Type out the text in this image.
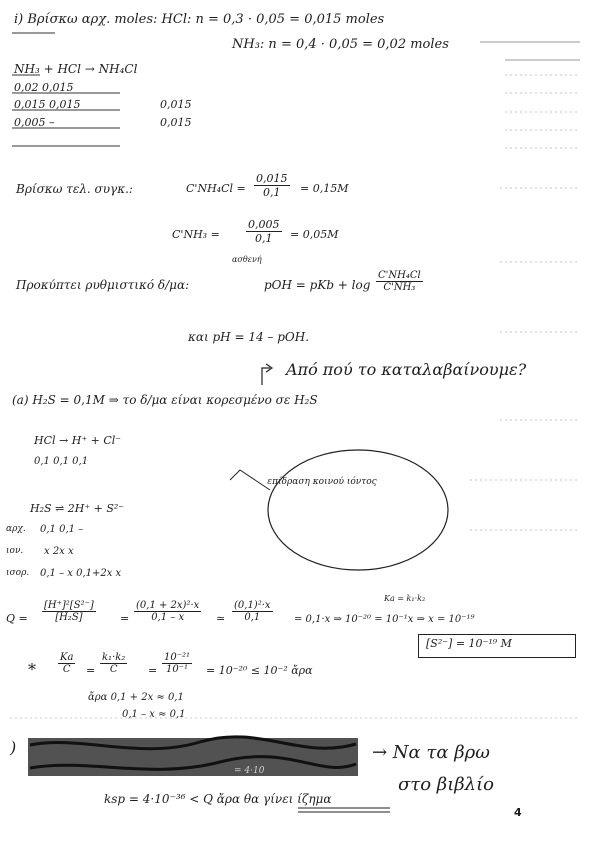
i) Βρίσκω αρχ. moles: HCl: n = 0,3 · 0,05 = 0,015 moles
NH₃: n = 0,4 · 0,05 = 0,02 moles
NH₃ + HCl → NH₄Cl
0,02 0,015
0,015 0,015	0,015
0,005 –	0,015
Βρίσκω τελ. συγκ.:	$C'NH_4Cl = \frac{0,015}{0,1} = 0,15M$
$C'NH_3 = \frac{0,005}{0,1} = 0,05M$
ασθενή
Προκύπτει ρυθμιστικό δ/μα:	pOH = pKb + $\log \frac{\text{C'NH₄Cl}}{\text{C'NH₃}}$
και pH = 14 – pOH.
Από πού το καταλαβαίνουμε?
(a) H₂S = 0,1M ⇒ το δ/μα είναι κορεσμένο σε H₂S
HCl → H⁺ + Cl⁻
0,1 0,1 0,1
επίδραση κοινού ιόντος
H₂S ⇌ 2H⁺ + S²⁻
αρχ. 0,1 0,1 –
ιον. x 2x x
ισορ. 0,1 – x 0,1+2x x
Ka = k₁·k₂
$Q = \frac{\text{[H⁺]²[S²⁻]}}{\text{[H₂S]}} = \frac{\text{(0,1 + 2x)²·x}}{0,1 - x}$ ≃ $\frac{\text{(0,1)²·x}}{0,1} = 0,1\cdot x$ ⇒ 10⁻²⁰ = 10⁻¹x ⇒ x = 10⁻¹⁹
[S²⁻] = 10⁻¹⁹ M
* $\frac{Ka}{C} = \frac{\text{k₁·k₂}}{C} = \frac{\text{10⁻²¹}}{\text{10⁻¹}} = 10^{-20} \le 10^{-2}$ ἄρα
ἄρα 0,1 + 2x ≈ 0,1
0,1 – x ≈ 0,1
)
= 4·10
→ Να τα βρω
στο βιβλίο
ksp = 4·10⁻³⁶ < Q ἄρα θα γίνει ίζημα
4
